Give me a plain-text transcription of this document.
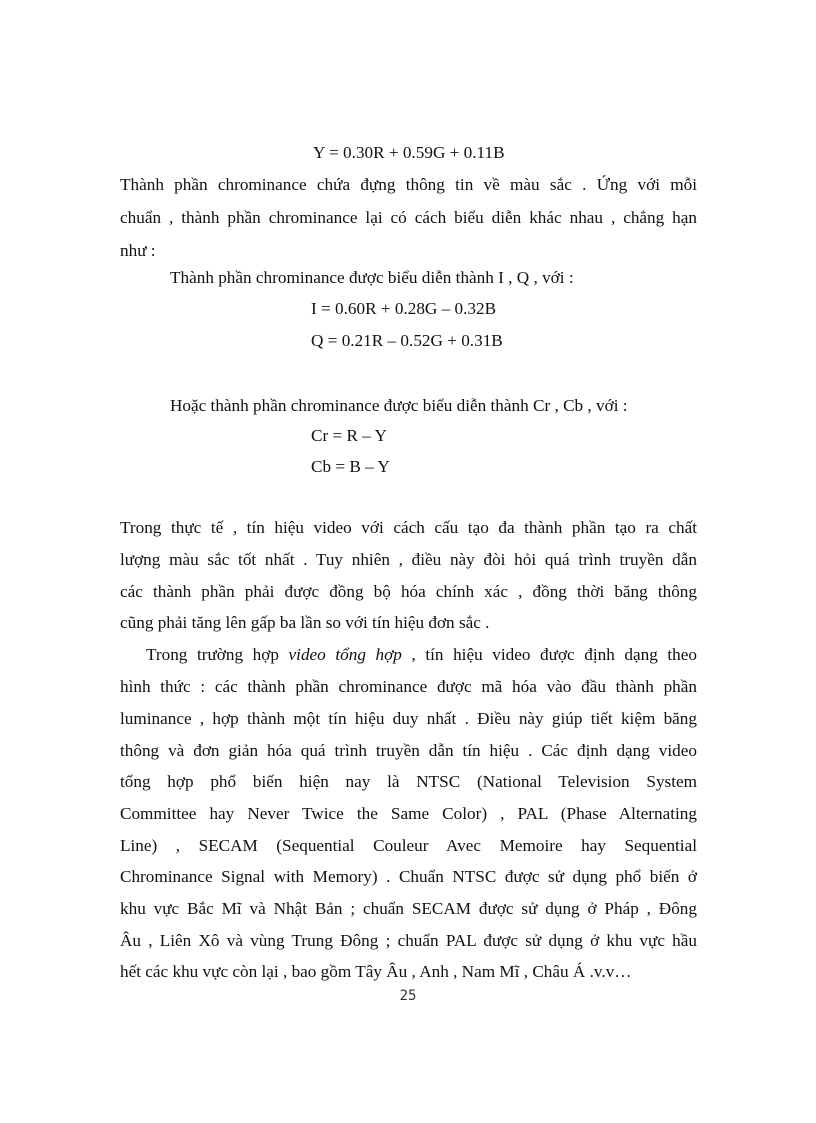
Y = 0.30R + 0.59G + 0.11B
Thành phần chrominance chứa đựng thông tin về màu sắc . Ứng với mỗi
chuẩn , thành phần chrominance lại có cách biểu diễn khác nhau , chẳng hạn
như :
Thành phần chrominance được biểu diễn thành I , Q , với :
I = 0.60R + 0.28G – 0.32B
Q = 0.21R – 0.52G + 0.31B
Hoặc thành phần chrominance được biểu diễn thành Cr , Cb , với :
Cr = R – Y
Cb = B – Y
Trong thực tế , tín hiệu video với cách cấu tạo đa thành phần tạo ra chất
lượng màu sắc tốt nhất . Tuy nhiên , điều này đòi hỏi quá trình truyền dẫn
các thành phần phải được đồng bộ hóa chính xác , đồng thời băng thông
cũng phải tăng lên gấp ba lần so với tín hiệu đơn sắc .
Trong trường hợp video tổng hợp , tín hiệu video được định dạng theo
hình thức : các thành phần chrominance được mã hóa vào đầu thành phần
luminance , hợp thành một tín hiệu duy nhất . Điều này giúp tiết kiệm băng
thông và đơn giản hóa quá trình truyền dẫn tín hiệu . Các định dạng video
tổng hợp phổ biến hiện nay là NTSC (National Television System
Committee hay Never Twice the Same Color) , PAL (Phase Alternating
Line) , SECAM (Sequential Couleur Avec Memoire hay Sequential
Chrominance Signal with Memory) . Chuẩn NTSC được sử dụng phổ biến ở
khu vực Bắc Mĩ và Nhật Bản ; chuẩn SECAM được sử dụng ở Pháp , Đông
Âu , Liên Xô và vùng Trung Đông ; chuẩn PAL được sử dụng ở khu vực hầu
hết các khu vực còn lại , bao gồm Tây Âu , Anh , Nam Mĩ , Châu Á .v.v…
25
